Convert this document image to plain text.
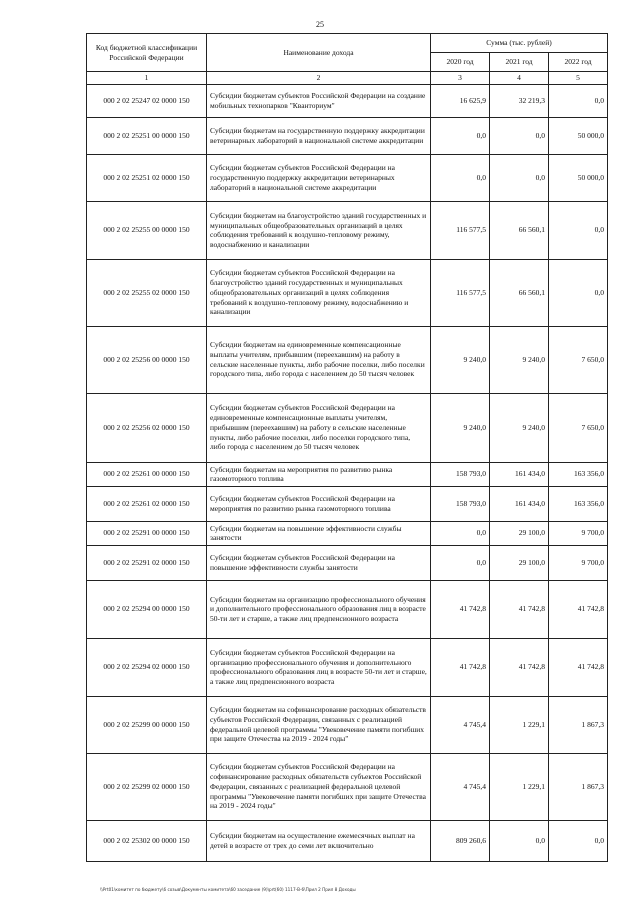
25
Код бюджетной классификации Российской Федерации	Наименование дохода	Сумма (тыс. рублей)		
		2020 год	2021 год	2022 год
1	2	3	4	5
000 2 02 25247 02 0000 150	Субсидии бюджетам субъектов Российской Федерации на создание мобильных технопарков "Кванториум"	16 625,9	32 219,3	0,0
000 2 02 25251 00 0000 150	Субсидии бюджетам на государственную поддержку аккредитации ветеринарных лабораторий в национальной системе аккредитации	0,0	0,0	50 000,0
000 2 02 25251 02 0000 150	Субсидии бюджетам субъектов Российской Федерации на государственную поддержку аккредитации ветеринарных лабораторий в национальной системе аккредитации	0,0	0,0	50 000,0
000 2 02 25255 00 0000 150	Субсидии бюджетам на благоустройство зданий государственных и муниципальных общеобразовательных организаций в целях соблюдения требований к воздушно-тепловому режиму, водоснабжению и канализации	116 577,5	66 560,1	0,0
000 2 02 25255 02 0000 150	Субсидии бюджетам субъектов Российской Федерации на благоустройство зданий государственных и муниципальных общеобразовательных организаций в целях соблюдения требований к воздушно-тепловому режиму, водоснабжению и канализации	116 577,5	66 560,1	0,0
000 2 02 25256 00 0000 150	Субсидии бюджетам на единовременные компенсационные выплаты учителям, прибывшим (переехавшим) на работу в сельские населенные пункты, либо рабочие поселки, либо поселки городского типа, либо города с населением до 50 тысяч человек	9 240,0	9 240,0	7 650,0
000 2 02 25256 02 0000 150	Субсидии бюджетам субъектов Российской Федерации на единовременные компенсационные выплаты учителям, прибывшим (переехавшим) на работу в сельские населенные пункты, либо рабочие поселки, либо поселки городского типа, либо города с населением до 50 тысяч человек	9 240,0	9 240,0	7 650,0
000 2 02 25261 00 0000 150	Субсидии бюджетам на мероприятия по развитию рынка газомоторного топлива	158 793,0	161 434,0	163 356,0
000 2 02 25261 02 0000 150	Субсидии бюджетам субъектов Российской Федерации на мероприятия по развитию рынка газомоторного топлива	158 793,0	161 434,0	163 356,0
000 2 02 25291 00 0000 150	Субсидии бюджетам на повышение эффективности службы занятости	0,0	29 100,0	9 700,0
000 2 02 25291 02 0000 150	Субсидии бюджетам субъектов Российской Федерации на повышение эффективности службы занятости	0,0	29 100,0	9 700,0
000 2 02 25294 00 0000 150	Субсидии бюджетам на организацию профессионального обучения и дополнительного профессионального образования лиц в возрасте 50-ти лет и старше, а также лиц предпенсионного возраста	41 742,8	41 742,8	41 742,8
000 2 02 25294 02 0000 150	Субсидии бюджетам субъектов Российской Федерации на организацию профессионального обучения и дополнительного профессионального образования лиц в возрасте 50-ти лет и старше, а также лиц предпенсионного возраста	41 742,8	41 742,8	41 742,8
000 2 02 25299 00 0000 150	Субсидии бюджетам на софинансирование расходных обязательств субъектов Российской Федерации, связанных с реализацией федеральной целевой программы "Увековечение памяти погибших при защите Отечества на 2019 - 2024 годы"	4 745,4	1 229,1	1 867,3
000 2 02 25299 02 0000 150	Субсидии бюджетам субъектов Российской Федерации на софинансирование расходных обязательств субъектов Российской Федерации, связанных с реализацией федеральной целевой программы "Увековечение памяти погибших при защите Отечества на 2019 - 2024 годы"	4 745,4	1 229,1	1 867,3
000 2 02 25302 00 0000 150	Субсидии бюджетам на осуществление ежемесячных выплат на детей в возрасте от трех до семи лет включительно	809 260,6	0,0	0,0
\\Prt01\комитет по бюджету\6 созыв\Документы комитета\60 заседание (9)\prt(60) 1117-В-6\Прил 2 Прил 8 Доходы
